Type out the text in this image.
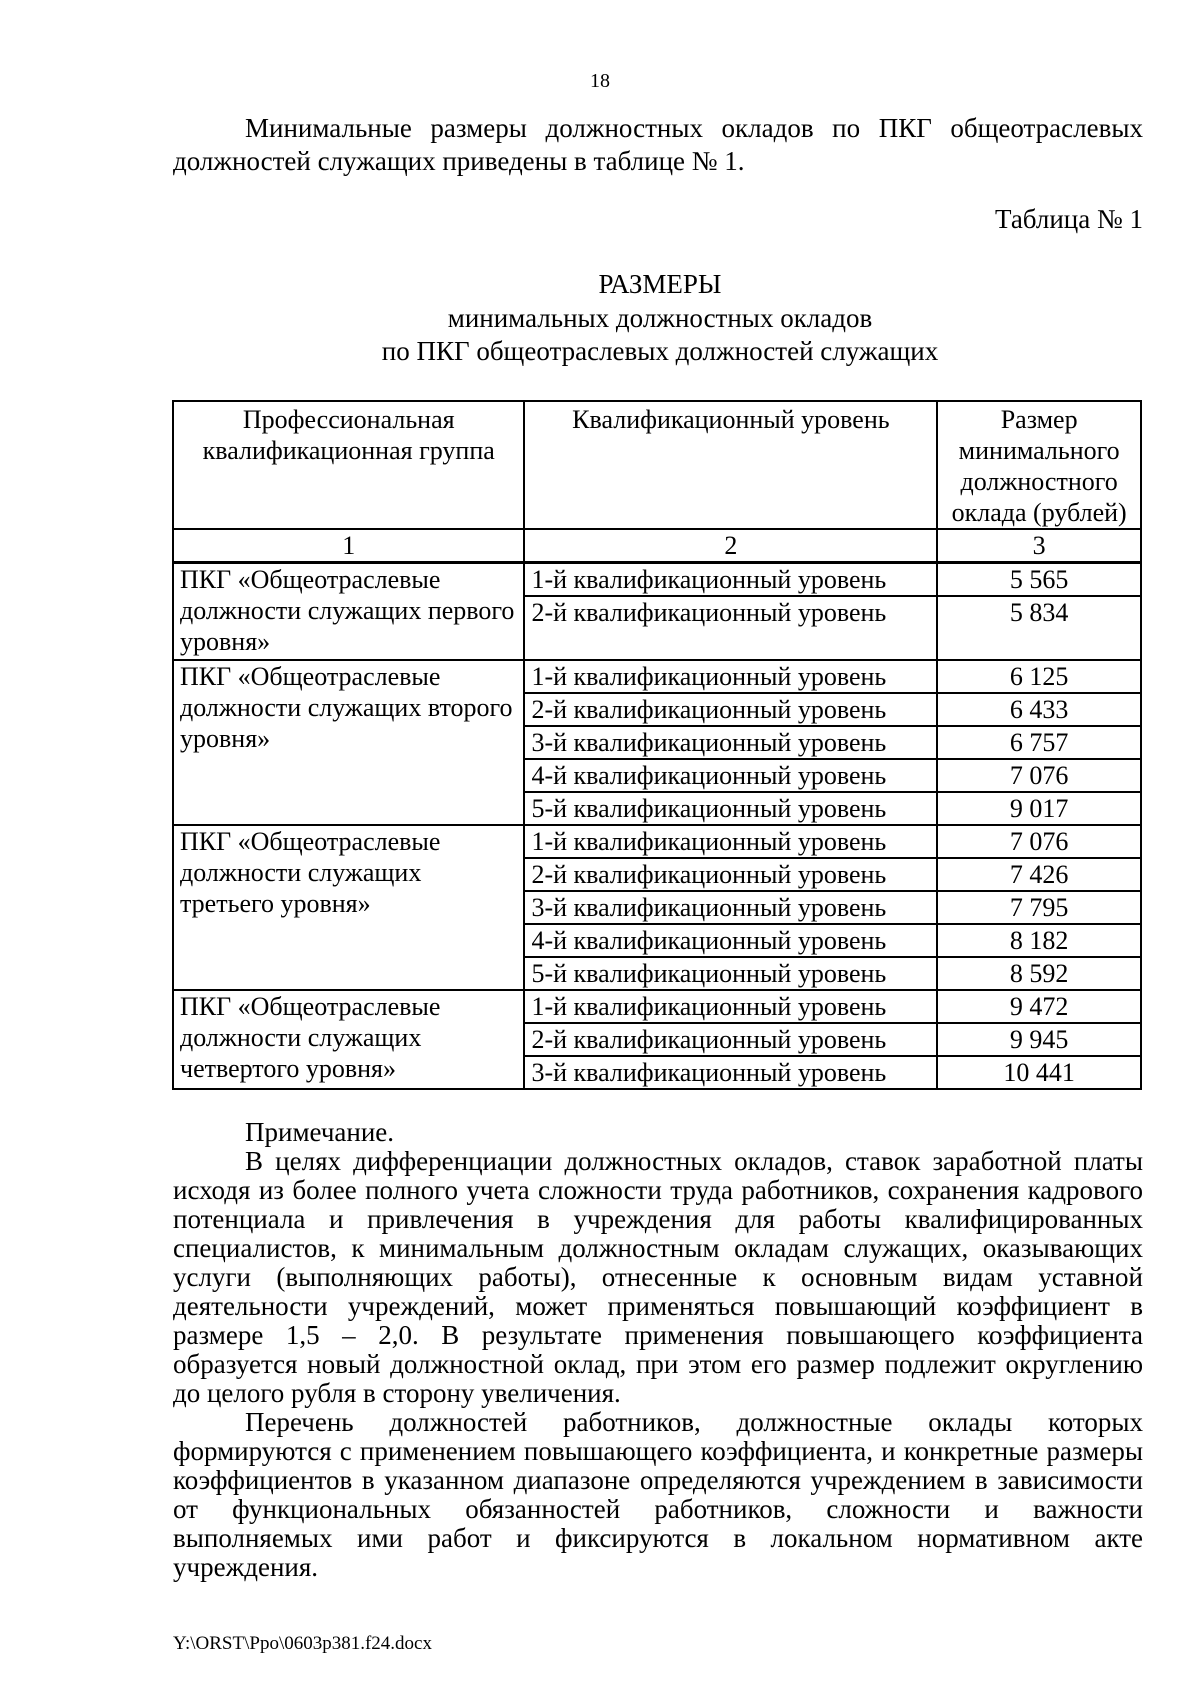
18

Минимальные размеры должностных окладов по ПКГ общеотраслевых должностей служащих приведены в таблице № 1.

Таблица № 1
РАЗМЕРЫ
минимальных должностных окладов
по ПКГ общеотраслевых должностей служащих
Профессиональная квалификационная группа	Квалификационный уровень	Размер минимального должностного оклада (рублей)
1	2	3
ПКГ «Общеотраслевые должности служащих первого уровня»	1-й квалификационный уровень	5 565
	2-й квалификационный уровень	5 834
ПКГ «Общеотраслевые должности служащих второго уровня»	1-й квалификационный уровень	6 125
	2-й квалификационный уровень	6 433
	3-й квалификационный уровень	6 757
	4-й квалификационный уровень	7 076
	5-й квалификационный уровень	9 017
ПКГ «Общеотраслевые должности служащих третьего уровня»	1-й квалификационный уровень	7 076
	2-й квалификационный уровень	7 426
	3-й квалификационный уровень	7 795
	4-й квалификационный уровень	8 182
	5-й квалификационный уровень	8 592
ПКГ «Общеотраслевые должности служащих четвертого уровня»	1-й квалификационный уровень	9 472
	2-й квалификационный уровень	9 945
	3-й квалификационный уровень	10 441

Примечание.

В целях дифференциации должностных окладов, ставок заработной платы исходя из более полного учета сложности труда работников, сохранения кадрового потенциала и привлечения в учреждения для работы квалифицированных специалистов, к минимальным должностным окладам служащих, оказывающих услуги (выполняющих работы), отнесенные к основным видам уставной деятельности учреждений, может применяться повышающий коэффициент в размере 1,5 – 2,0. В результате применения повышающего коэффициента образуется новый должностной оклад, при этом его размер подлежит округлению до целого рубля в сторону увеличения.

Перечень должностей работников, должностные оклады которых формируются с применением повышающего коэффициента, и конкретные размеры коэффициентов в указанном диапазоне определяются учреждением в зависимости от функциональных обязанностей работников, сложности и важности выполняемых ими работ и фиксируются в локальном нормативном акте учреждения.

Y:\ORST\Ppo\0603p381.f24.docx
